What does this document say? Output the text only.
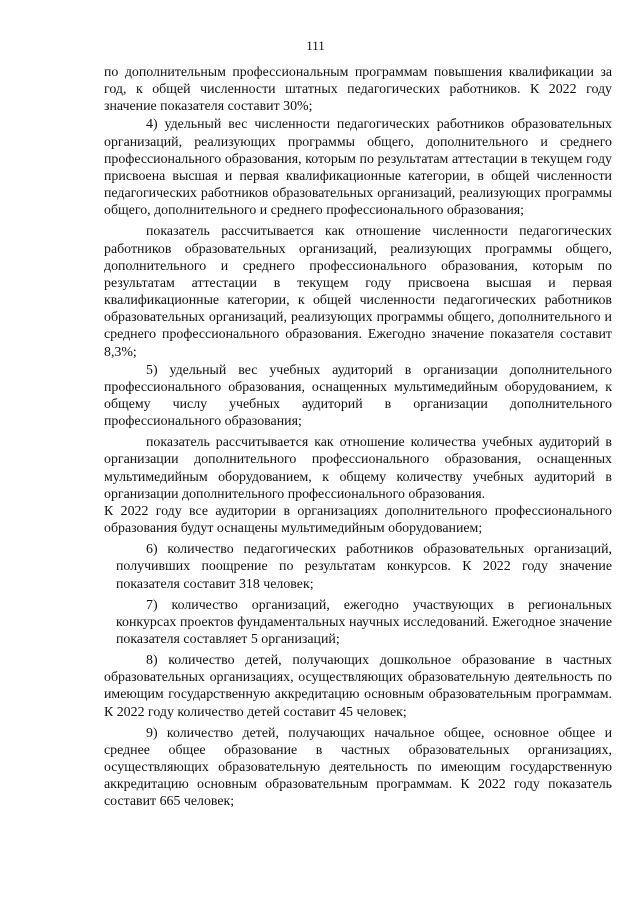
111

по дополнительным профессиональным программам повышения квалификации за год, к общей численности штатных педагогических работников. К 2022 году значение показателя составит 30%;

4) удельный вес численности педагогических работников образовательных организаций, реализующих программы общего, дополнительного и среднего профессионального образования, которым по результатам аттестации в текущем году присвоена высшая и первая квалификационные категории, в общей численности педагогических работников образовательных организаций, реализующих программы общего, дополнительного и среднего профессионального образования;

показатель рассчитывается как отношение численности педагогических работников образовательных организаций, реализующих программы общего, дополнительного и среднего профессионального образования, которым по результатам аттестации в текущем году присвоена высшая и первая квалификационные категории, к общей численности педагогических работников образовательных организаций, реализующих программы общего, дополнительного и среднего профессионального образования. Ежегодно значение показателя составит 8,3%;

5) удельный вес учебных аудиторий в организации дополнительного профессионального образования, оснащенных мультимедийным оборудованием, к общему числу учебных аудиторий в организации дополнительного профессионального образования;

показатель рассчитывается как отношение количества учебных аудиторий в организации дополнительного профессионального образования, оснащенных мультимедийным оборудованием, к общему количеству учебных аудиторий в организации дополнительного профессионального образования.

К 2022 году все аудитории в организациях дополнительного профессионального образования будут оснащены мультимедийным оборудованием;

6) количество педагогических работников образовательных организаций, получивших поощрение по результатам конкурсов. К 2022 году значение показателя составит 318 человек;

7) количество организаций, ежегодно участвующих в региональных конкурсах проектов фундаментальных научных исследований. Ежегодное значение показателя составляет 5 организаций;

8) количество детей, получающих дошкольное образование в частных образовательных организациях, осуществляющих образовательную деятельность по имеющим государственную аккредитацию основным образовательным программам. К 2022 году количество детей составит 45 человек;

9) количество детей, получающих начальное общее, основное общее и среднее общее образование в частных образовательных организациях, осуществляющих образовательную деятельность по имеющим государственную аккредитацию основным образовательным программам. К 2022 году показатель составит 665 человек;
